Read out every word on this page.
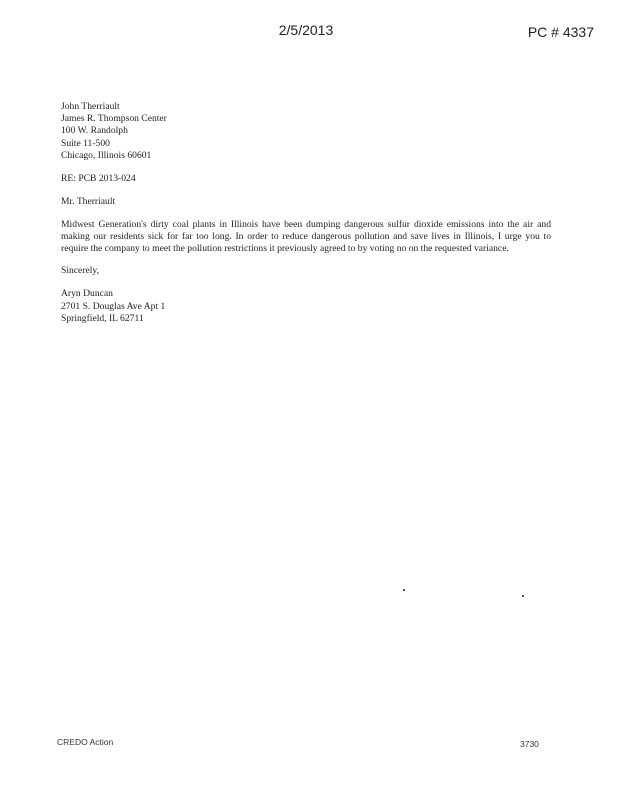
2/5/2013	PC # 4337
John Therriault
James R. Thompson Center
100 W. Randolph
Suite 11-500
Chicago, Illinois 60601
RE: PCB 2013-024
Mr. Therriault

Midwest Generation's dirty coal plants in Illinois have been dumping dangerous sulfur dioxide emissions into the air and making our residents sick for far too long. In order to reduce dangerous pollution and save lives in Illinois, I urge you to require the company to meet the pollution restrictions it previously agreed to by voting no on the requested variance.

Sincerely,
Aryn Duncan
2701 S. Douglas Ave Apt 1
Springfield, IL 62711
CREDO Action	3730
